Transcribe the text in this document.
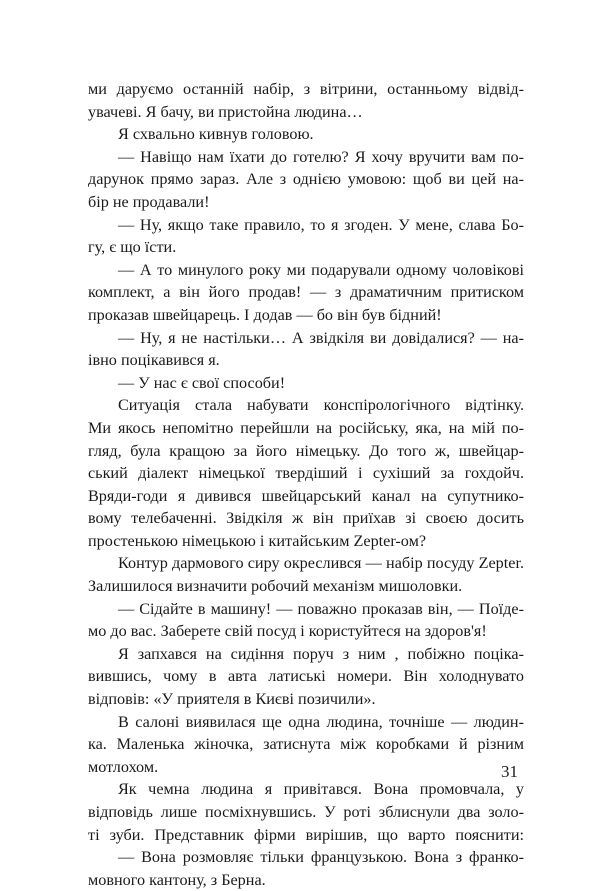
ми даруємо останній набір, з вітрини, останньому відвід-
увачеві. Я бачу, ви пристойна людина…
Я схвально кивнув головою.
— Навіщо нам їхати до готелю? Я хочу вручити вам по-
дарунок прямо зараз. Але з однією умовою: щоб ви цей на-
бір не продавали!
— Ну, якщо таке правило, то я згоден. У мене, слава Бо-
гу, є що їсти.
— А то минулого року ми подарували одному чоловікові
комплект, а він його продав! — з драматичним притиском
проказав швейцарець. І додав — бо він був бідний!
— Ну, я не настільки… А звідкіля ви довідалися? — на-
івно поцікавився я.
— У нас є свої способи!
Ситуація стала набувати конспірологічного відтінку.
Ми якось непомітно перейшли на російську, яка, на мій по-
гляд, була кращою за його німецьку. До того ж, швейцар-
ський діалект німецької твердіший і сухіший за гохдойч.
Вряди-годи я дивився швейцарський канал на супутнико-
вому телебаченні. Звідкіля ж він приїхав зі своєю досить
простенькою німецькою і китайським Zepter-ом?
Контур дармового сиру окреслився — набір посуду Zepter.
Залишилося визначити робочий механізм мишоловки.
— Сідайте в машину! — поважно проказав він, — Поїде-
мо до вас. Заберете свій посуд і користуйтеся на здоров'я!
Я запхався на сидіння поруч з ним , побіжно поціка-
вившись, чому в авта латиські номери. Він холоднувато
відповів: «У приятеля в Києві позичили».
В салоні виявилася ще одна людина, точніше — людин-
ка. Маленька жіночка, затиснута між коробками й різним
мотлохом.
Як чемна людина я привітався. Вона промовчала, у
відповідь лише посміхнувшись. У роті зблиснули два золо-
ті зуби. Представник фірми вирішив, що варто пояснити:
— Вона розмовляє тільки французькою. Вона з франко-
мовного кантону, з Берна.
31
